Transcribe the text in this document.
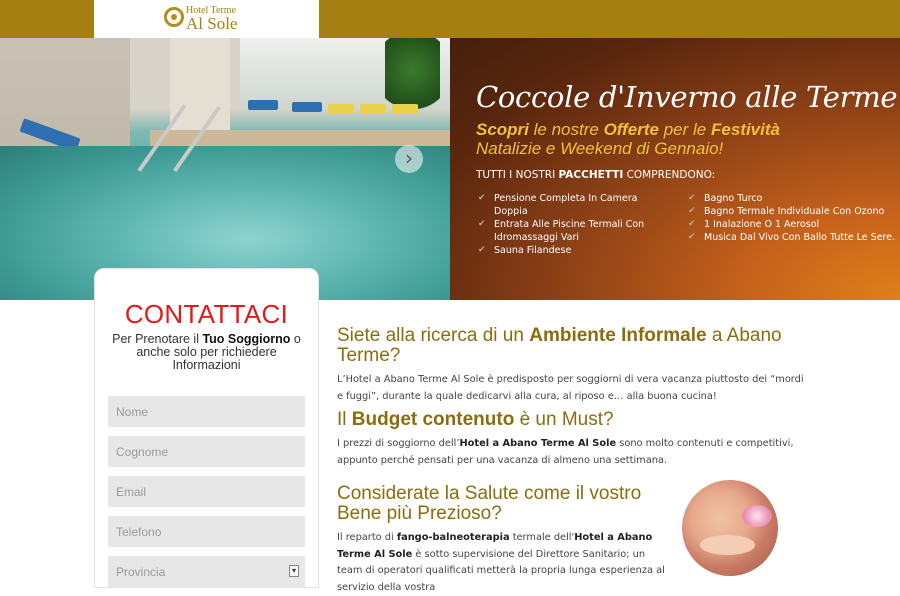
Hotel Terme
Al Sole
›
Coccole d'Inverno alle Terme
Scopri le nostre Offerte per le Festività
Natalizie e Weekend di Gennaio!
TUTTI I NOSTRI PACCHETTI COMPRENDONO:
✔ Pensione Completa In Camera Doppia
✔ Entrata Alle Piscine Termali Con Idromassaggi Vari
✔ Sauna Filandese
✔ Bagno Turco
✔ Bagno Termale Individuale Con Ozono
✔ 1 Inalazione O 1 Aerosol
✔ Musica Dal Vivo Con Ballo Tutte Le Sere.
CONTATTACI
Per Prenotare il Tuo Soggiorno o anche solo per richiedere Informazioni
Nome
Cognome
Email
Telefono
Provincia	▾
Siete alla ricerca di un Ambiente Informale a Abano Terme?

L’Hotel a Abano Terme Al Sole è predisposto per soggiorni di vera vacanza piuttosto dei “mordi e fuggi”, durante la quale dedicarvi alla cura, al riposo e… alla buona cucina!

Il Budget contenuto è un Must?

I prezzi di soggiorno dell’Hotel a Abano Terme Al Sole sono molto contenuti e competitivi, appunto perché pensati per una vacanza di almeno una settimana.

Considerate la Salute come il vostro Bene più Prezioso?

Il reparto di fango-balneoterapia termale dell'Hotel a Abano Terme Al Sole è sotto supervisione del Direttore Sanitario; un team di operatori qualificati metterà la propria lunga esperienza al servizio della vostra
